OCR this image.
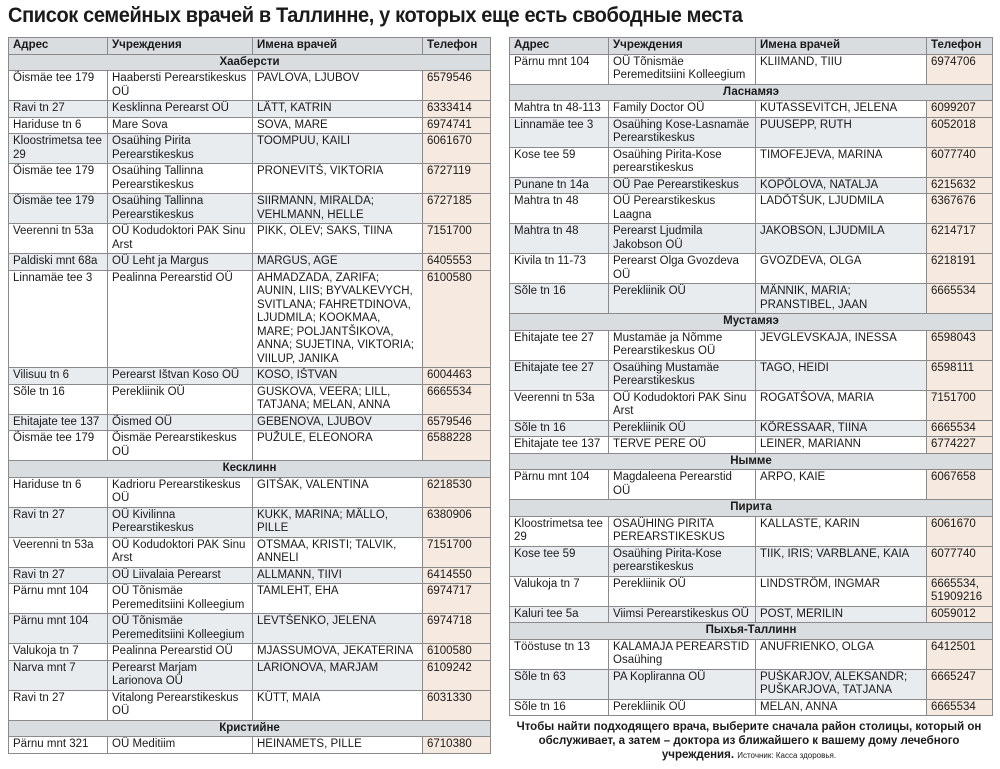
Список семейных врачей в Таллинне, у которых еще есть свободные места
Адрес	Учреждения	Имена врачей	Телефон
Хааберсти			
Õismäe tee 179	Haabersti Perearstikeskus OÜ	PAVLOVA, LJUBOV	6579546
Ravi tn 27	Kesklinna Perearst OÜ	LÄTT, KATRIN	6333414
Hariduse tn 6	Mare Sova	SOVA, MARE	6974741
Kloostrimetsa tee 29	Osaühing Pirita Perearstikeskus	TOOMPUU, KAILI	6061670
Õismäe tee 179	Osaühing Tallinna Perearstikeskus	PRONEVITŠ, VIKTORIA	6727119
Õismäe tee 179	Osaühing Tallinna Perearstikeskus	SIIRMANN, MIRALDA; VEHLMANN, HELLE	6727185
Veerenni tn 53a	OÜ Kodudoktori PAK Sinu Arst	PIKK, OLEV; SAKS, TIINA	7151700
Paldiski mnt 68a	OÜ Leht ja Margus	MARGUS, AGE	6405553
Linnamäe tee 3	Pealinna Perearstid OÜ	AHMADZADA, ZARIFA; AUNIN, LIIS; BYVALKEVYCH, SVITLANA; FAHRETDINOVA, LJUDMILA; KOOKMAA, MARE; POLJANTŠIKOVA, ANNA; SUJETINA, VIKTORIA; VIILUP, JANIKA	6100580
Vilisuu tn 6	Perearst Ištvan Koso OÜ	KOSO, IŠTVAN	6004463
Sõle tn 16	Perekliinik OÜ	GUSKOVA, VEERA; LILL, TATJANA; MELAN, ANNA	6665534
Ehitajate tee 137	Õismed OÜ	GEBENOVA, LJUBOV	6579546
Õismäe tee 179	Õismäe Perearstikeskus OÜ	PUŽULE, ELEONORA	6588228
Кесклинн			
Hariduse tn 6	Kadrioru Perearstikeskus OÜ	GITŠAK, VALENTINA	6218530
Ravi tn 27	OÜ Kivilinna Perearstikeskus	KUKK, MARINA; MÄLLO, PILLE	6380906
Veerenni tn 53a	OÜ Kodudoktori PAK Sinu Arst	OTSMAA, KRISTI; TALVIK, ANNELI	7151700
Ravi tn 27	OÜ Liivalaia Perearst	ALLMANN, TIIVI	6414550
Pärnu mnt 104	OÜ Tõnismäe Peremeditsiini Kolleegium	TAMLEHT, EHA	6974717
Pärnu mnt 104	OÜ Tõnismäe Peremeditsiini Kolleegium	LEVTŠENKO, JELENA	6974718
Valukoja tn 7	Pealinna Perearstid OÜ	MJASSUMOVA, JEKATERINA	6100580
Narva mnt 7	Perearst Marjam Larionova OÜ	LARIONOVA, MARJAM	6109242
Ravi tn 27	Vitalong Perearstikeskus OÜ	KÜTT, MAIA	6031330
Кристийне			
Pärnu mnt 321	OÜ Meditiim	HEINAMETS, PILLE	6710380
Адрес	Учреждения	Имена врачей	Телефон
Pärnu mnt 104	OÜ Tõnismäe Peremeditsiini Kolleegium	KLIIMAND, TIIU	6974706
Ласнамяэ			
Mahtra tn 48-113	Family Doctor OÜ	KUTASSEVITCH, JELENA	6099207
Linnamäe tee 3	Osaühing Kose-Lasnamäe Perearstikeskus	PUUSEPP, RUTH	6052018
Kose tee 59	Osaühing Pirita-Kose perearstikeskus	TIMOFEJEVA, MARINA	6077740
Punane tn 14a	OÜ Pae Perearstikeskus	KOPÕLOVA, NATALJA	6215632
Mahtra tn 48	OÜ Perearstikeskus Laagna	LADÕTŠUK, LJUDMILA	6367676
Mahtra tn 48	Perearst Ljudmila Jakobson OÜ	JAKOBSON, LJUDMILA	6214717
Kivila tn 11-73	Perearst Olga Gvozdeva OÜ	GVOZDEVA, OLGA	6218191
Sõle tn 16	Perekliinik OÜ	MÄNNIK, MARIA; PRANSTIBEL, JAAN	6665534
Мустамяэ			
Ehitajate tee 27	Mustamäe ja Nõmme Perearstikeskus OÜ	JEVGLEVSKAJA, INESSA	6598043
Ehitajate tee 27	Osaühing Mustamäe Perearstikeskus	TAGO, HEIDI	6598111
Veerenni tn 53a	OÜ Kodudoktori PAK Sinu Arst	ROGATŠOVA, MARIA	7151700
Sõle tn 16	Perekliinik OÜ	KÕRESSAAR, TIINA	6665534
Ehitajate tee 137	TERVE PERE OÜ	LEINER, MARIANN	6774227
Нымме			
Pärnu mnt 104	Magdaleena Perearstid OÜ	ARPO, KAIE	6067658
Пирита			
Kloostrimetsa tee 29	OSAÜHING PIRITA PEREARSTIKESKUS	KALLASTE, KARIN	6061670
Kose tee 59	Osaühing Pirita-Kose perearstikeskus	TIIK, IRIS; VARBLANE, KAIA	6077740
Valukoja tn 7	Perekliinik OÜ	LINDSTRÖM, INGMAR	6665534, 51909216
Kaluri tee 5a	Viimsi Perearstikeskus OÜ	POST, MERILIN	6059012
Пыхья-Таллинн			
Tööstuse tn 13	KALAMAJA PEREARSTID Osaühing	ANUFRIENKO, OLGA	6412501
Sõle tn 63	PA Kopliranna OÜ	PUŠKARJOV, ALEKSANDR; PUŠKARJOVA, TATJANA	6665247
Sõle tn 16	Perekliinik OÜ	MELAN, ANNA	6665534
Чтобы найти подходящего врача, выберите сначала район столицы, который он обслуживает, а затем – доктора из ближайшего к вашему дому лечебного учреждения. Источник: Касса здоровья.
